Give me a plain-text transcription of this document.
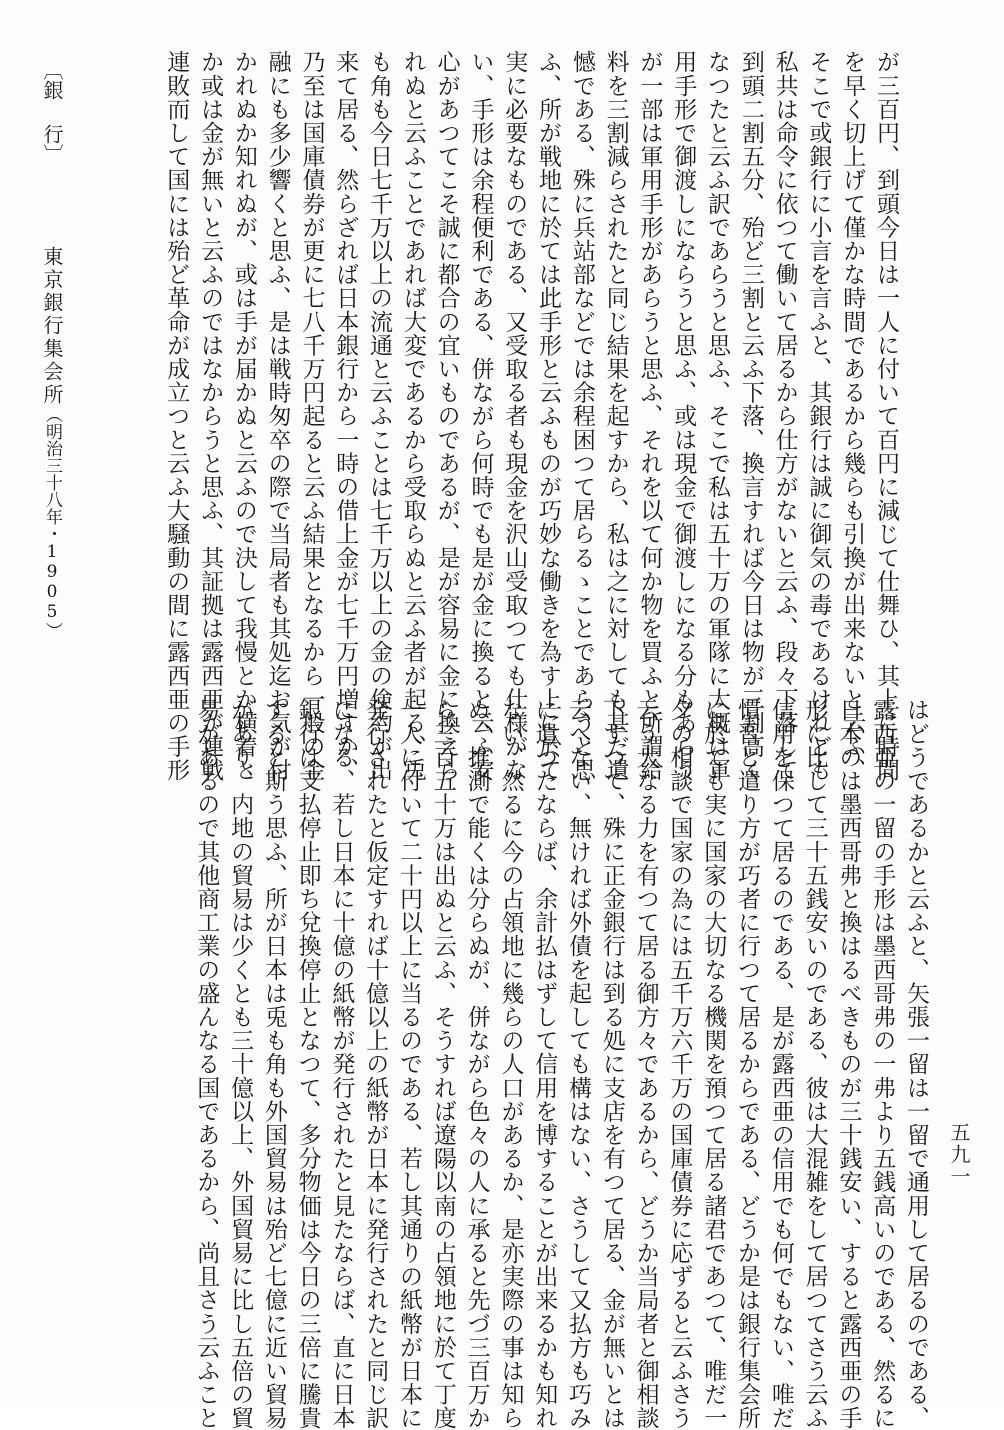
が三百円、到頭今日は一人に付いて百円に減じて仕舞ひ、其上に時間

を早く切上げて僅かな時間であるから幾らも引換が出来ないと云ふ、

そこで或銀行に小言を言ふと、其銀行は誠に御気の毒であるけれども

私共は命令に依つて働いて居るから仕方がないと云ふ、段々下落して

到頭二割五分、殆ど三割と云ふ下落、換言すれば今日は物が三割高く

なつたと云ふ訳であらうと思ふ、そこで私は五十万の軍隊に大概は軍

用手形で御渡しにならうと思ふ、或は現金で御渡しになる分もあらう

が一部は軍用手形があらうと思ふ、それを以て何か物を買ふと所謂給

料を三割減らされたと同じ結果を起すから、私は之に対しても甚だ遺

憾である、殊に兵站部などでは余程困つて居らるゝことであらうと思

ふ、所が戦地に於ては此手形と云ふものが巧妙な働きを為す上に於て

実に必要なものである、又受取る者も現金を沢山受取つても仕様がな

い、手形は余程便利である、併ながら何時でも是が金に換ると云ふ安

心があつてこそ誠に都合の宜いものであるが、是が容易に金に換えら

れぬと云ふことであれば大変であるから受取らぬと云ふ者が起る、兎

も角も今日七千万以上の流通と云ふことは七千万以上の金の倹約が出

来て居る、然らざれば日本銀行から一時の借上金が七千万円増すか、

乃至は国庫債券が更に七八千万円起ると云ふ結果となるから一般の金

融にも多少響くと思ふ、是は戦時匆卒の際で当局者も其処迄お気が付

かれぬか知れぬが、或は手が届かぬと云ふので決して我慢とか横着と

か或は金が無いと云ふのではなからうと思ふ、其証拠は露西亜が連戦

連敗而して国には殆ど革命が成立つと云ふ大騒動の間に露西亜の手形

はどうであるかと云ふと、矢張一留は一留で通用して居るのである、

露西亜の一留の手形は墨西哥弗の一弗より五銭高いのである、然るに

日本のは墨西哥弗と換はるべきものが三十銭安い、すると露西亜の手

形に比して三十五銭安いのである、彼は大混雑をして居つてさう云ふ

信用を保つて居るのである、是が露西亜の信用でも何でもない、唯だ

慣習と遣り方が巧者に行つて居るからである、どうか是は銀行集会所

に於ても実に国家の大切なる機関を預つて居る諸君であつて、唯だ一

夕の相談で国家の為には五千万六千万の国庫債券に応ずると云ふさう

云う大なる力を有つて居る御方々であるから、どうか当局者と御相談

下すつて、殊に正金銀行は到る処に支店を有つて居る、金が無いとは

云へない、無ければ外債を起しても構はない、さうして又払方も巧み

に遣つたならば、余計払はずして信用を博することが出来るかも知れ

ない、然るに今の占領地に幾らの人口があるか、是亦実際の事は知ら

ぬ、推測で能くは分らぬが、併ながら色々の人に承ると先づ三百万か

ら三百五十万は出ぬと云ふ、そうすれば遼陽以南の占領地に於て丁度

一人に付いて二十円以上に当るのである、若し其通りの紙幣が日本に

発行されたと仮定すれば十億以上の紙幣が日本に発行されたと同じ訳

になる、若し日本に十億の紙幣が発行されたと見たならば、直に日本

銀行は支払停止即ち兌換停止となつて、多分物価は今日の三倍に騰貴

すると斯う思ふ、所が日本は兎も角も外国貿易は殆ど七億に近い貿易

があり、内地の貿易は少くとも三十億以上、外国貿易に比し五倍の貿

易があるので其他商工業の盛んなる国であるから、尚且さう云ふこと

〔銀 行〕
東京銀行集会所
（明治三十八年・1905）
五九一
